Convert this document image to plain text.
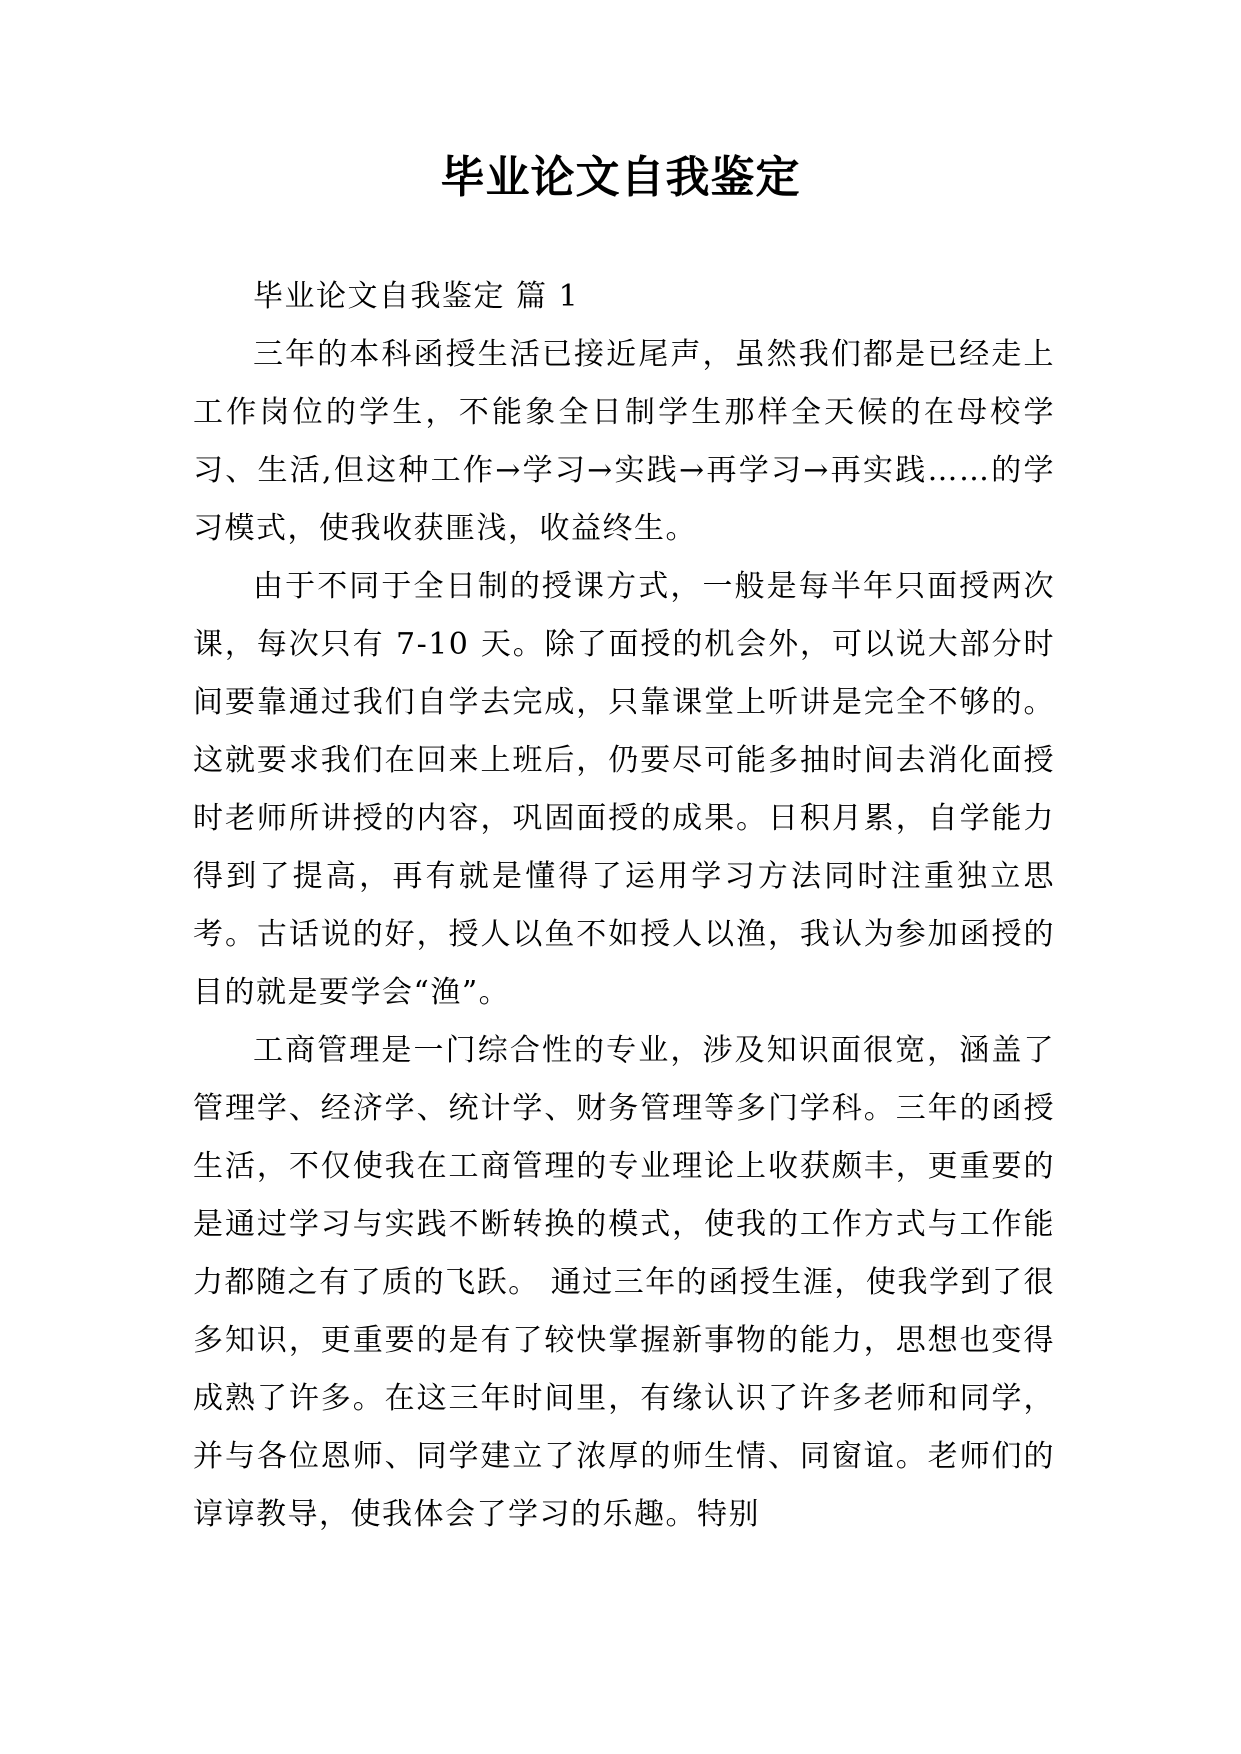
毕业论文自我鉴定

毕业论文自我鉴定 篇 1

三年的本科函授生活已接近尾声，虽然我们都是已经走上工作岗位的学生，不能象全日制学生那样全天候的在母校学习、生活,但这种工作→学习→实践→再学习→再实践……的学习模式，使我收获匪浅，收益终生。

由于不同于全日制的授课方式，一般是每半年只面授两次课，每次只有 7-10 天。除了面授的机会外，可以说大部分时间要靠通过我们自学去完成，只靠课堂上听讲是完全不够的。这就要求我们在回来上班后，仍要尽可能多抽时间去消化面授时老师所讲授的内容，巩固面授的成果。日积月累，自学能力得到了提高，再有就是懂得了运用学习方法同时注重独立思考。古话说的好，授人以鱼不如授人以渔，我认为参加函授的目的就是要学会“渔”。

工商管理是一门综合性的专业，涉及知识面很宽，涵盖了管理学、经济学、统计学、财务管理等多门学科。三年的函授生活，不仅使我在工商管理的专业理论上收获颇丰，更重要的是通过学习与实践不断转换的模式，使我的工作方式与工作能力都随之有了质的飞跃。 通过三年的函授生涯，使我学到了很多知识，更重要的是有了较快掌握新事物的能力，思想也变得成熟了许多。在这三年时间里，有缘认识了许多老师和同学，并与各位恩师、同学建立了浓厚的师生情、同窗谊。老师们的谆谆教导，使我体会了学习的乐趣。特别
